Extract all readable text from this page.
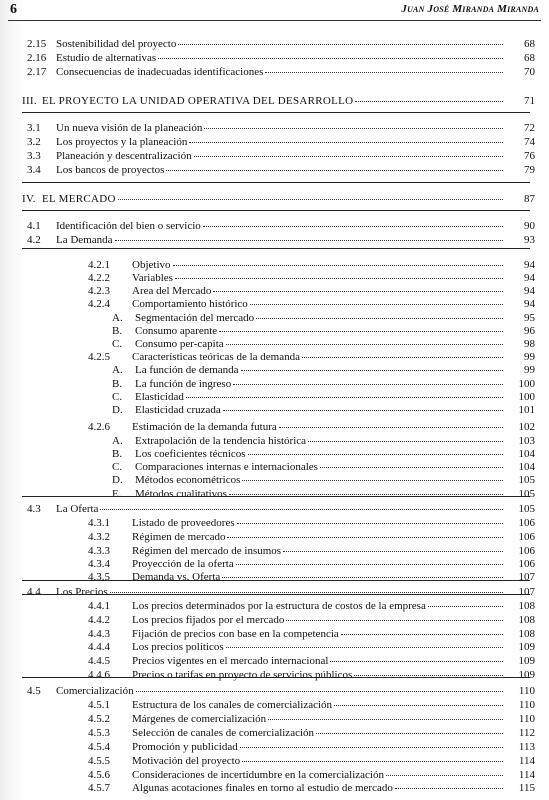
6	Juan José Miranda Miranda
2.15 Sostenibilidad del proyecto	68
2.16 Estudio de alternativas	68
2.17 Consecuencias de inadecuadas identificaciones	70
III. EL PROYECTO LA UNIDAD OPERATIVA DEL DESARROLLO	71
3.1 Un nueva visión de la planeación	72
3.2 Los proyectos y la planeación	74
3.3 Planeación y descentralización	76
3.4 Los bancos de proyectos	79
IV. EL MERCADO	87
4.1 Identificación del bien o servicio	90
4.2 La Demanda	93
4.2.1 Objetivo	94
4.2.2 Variables	94
4.2.3 Area del Mercado	94
4.2.4 Comportamiento histórico	94
A. Segmentación del mercado	95
B. Consumo aparente	96
C. Consumo per-capita	98
4.2.5 Características teóricas de la demanda	99
A. La función de demanda	99
B. La función de ingreso	100
C. Elasticidad	100
D. Elasticidad cruzada	101
4.2.6 Estimación de la demanda futura	102
A. Extrapolación de la tendencia histórica	103
B. Los coeficientes técnicos	104
C. Comparaciones internas e internacionales	104
D. Métodos econométricos	105
E. Métodos cualitativos	105
4.3 La Oferta	105
4.3.1 Listado de proveedores	106
4.3.2 Régimen de mercado	106
4.3.3 Régimen del mercado de insumos	106
4.3.4 Proyección de la oferta	106
4.3.5 Demanda vs. Oferta	107
4.4 Los Precios	107
4.4.1 Los precios determinados por la estructura de costos de la empresa	108
4.4.2 Los precios fijados por el mercado	108
4.4.3 Fijación de precios con base en la competencia	108
4.4.4 Los precios políticos	109
4.4.5 Precios vigentes en el mercado internacional	109
4.4.6 Precios o tarifas en proyecto de servicios públicos	109
4.5 Comercialización	110
4.5.1 Estructura de los canales de comercialización	110
4.5.2 Márgenes de comercialización	110
4.5.3 Selección de canales de comercialización	112
4.5.4 Promoción y publicidad	113
4.5.5 Motivación del proyecto	114
4.5.6 Consideraciones de incertidumbre en la comercialización	114
4.5.7 Algunas acotaciones finales en torno al estudio de mercado	115
